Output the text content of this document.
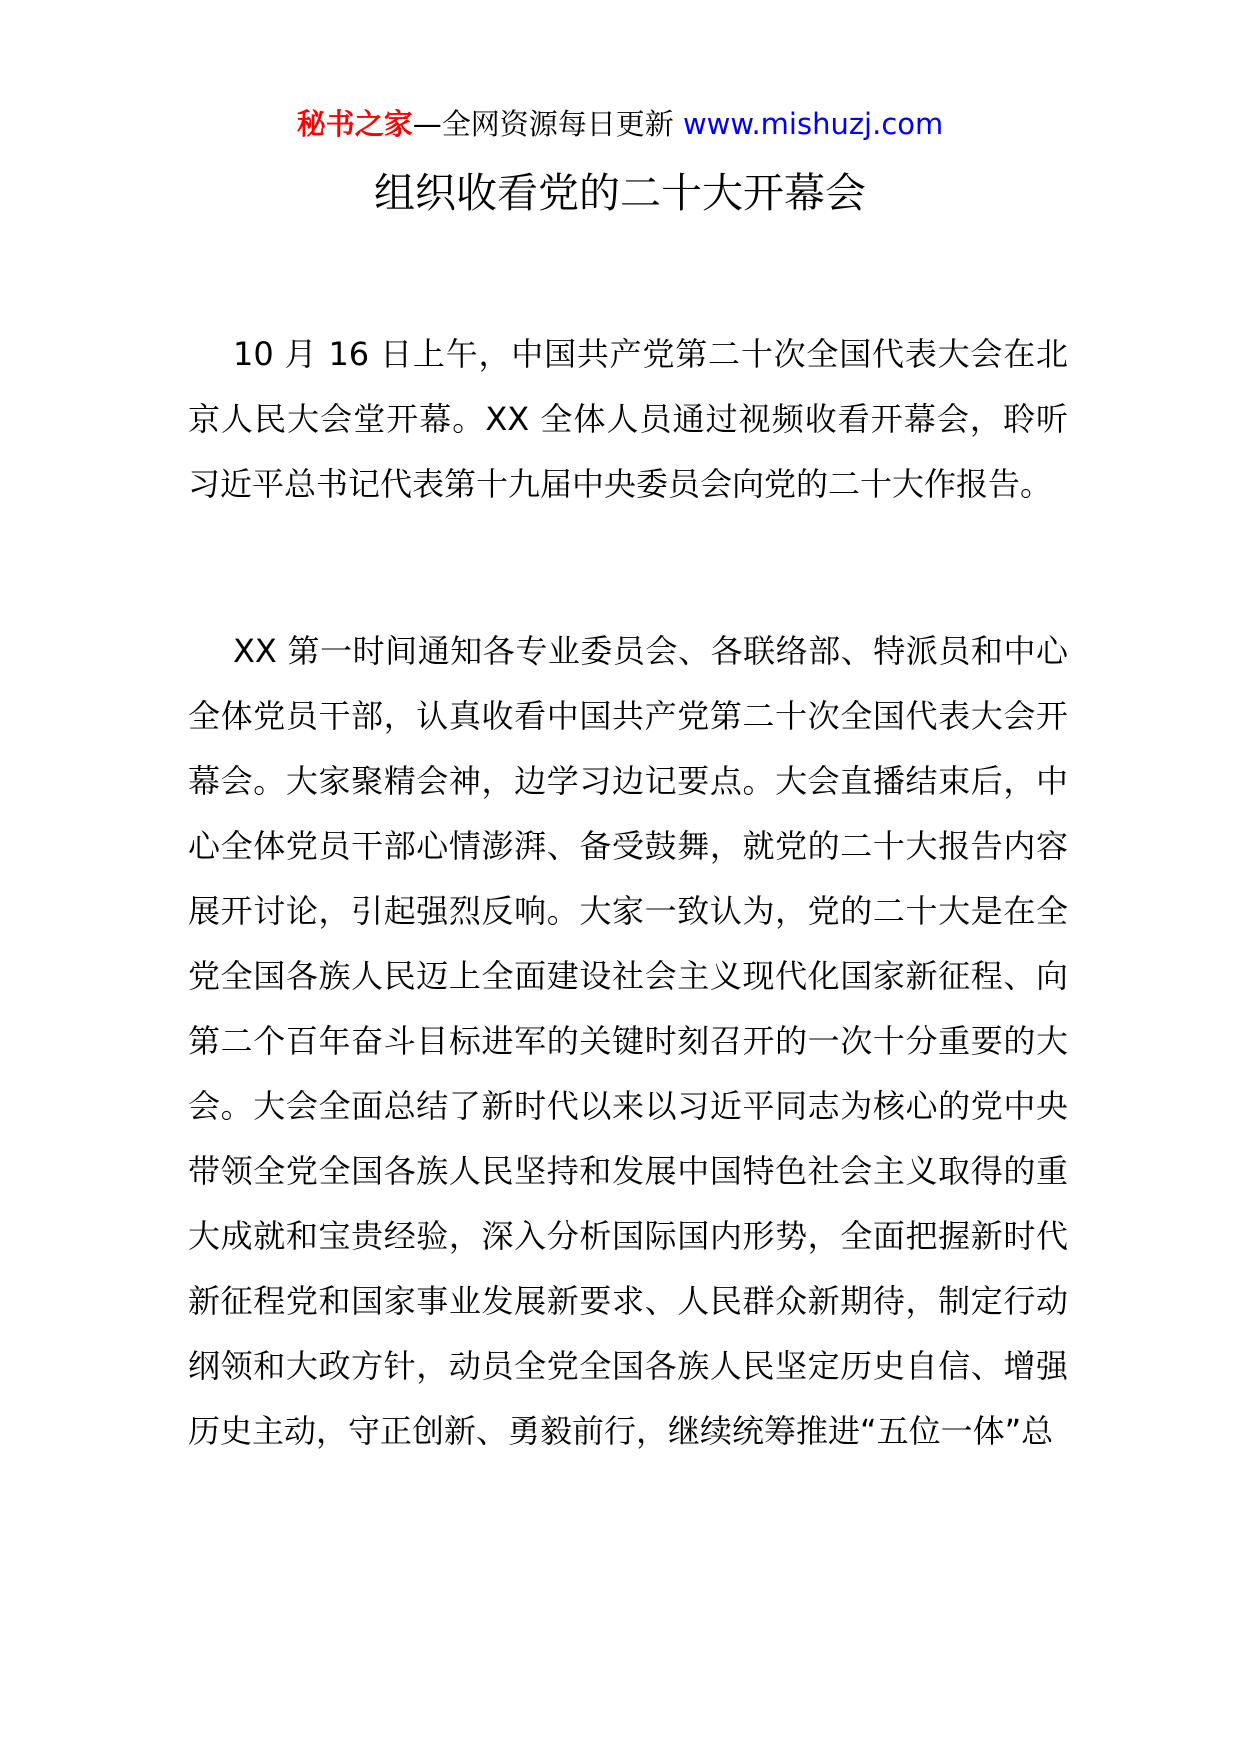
秘书之家—全网资源每日更新 www.mishuzj.com
组织收看党的二十大开幕会

10 月 16 日上午，中国共产党第二十次全国代表大会在北京人民大会堂开幕。XX 全体人员通过视频收看开幕会，聆听习近平总书记代表第十九届中央委员会向党的二十大作报告。

XX 第一时间通知各专业委员会、各联络部、特派员和中心全体党员干部，认真收看中国共产党第二十次全国代表大会开幕会。大家聚精会神，边学习边记要点。大会直播结束后，中心全体党员干部心情澎湃、备受鼓舞，就党的二十大报告内容展开讨论，引起强烈反响。大家一致认为，党的二十大是在全党全国各族人民迈上全面建设社会主义现代化国家新征程、向第二个百年奋斗目标进军的关键时刻召开的一次十分重要的大会。大会全面总结了新时代以来以习近平同志为核心的党中央带领全党全国各族人民坚持和发展中国特色社会主义取得的重大成就和宝贵经验，深入分析国际国内形势，全面把握新时代新征程党和国家事业发展新要求、人民群众新期待，制定行动纲领和大政方针，动员全党全国各族人民坚定历史自信、增强历史主动，守正创新、勇毅前行，继续统筹推进“五位一体”总
